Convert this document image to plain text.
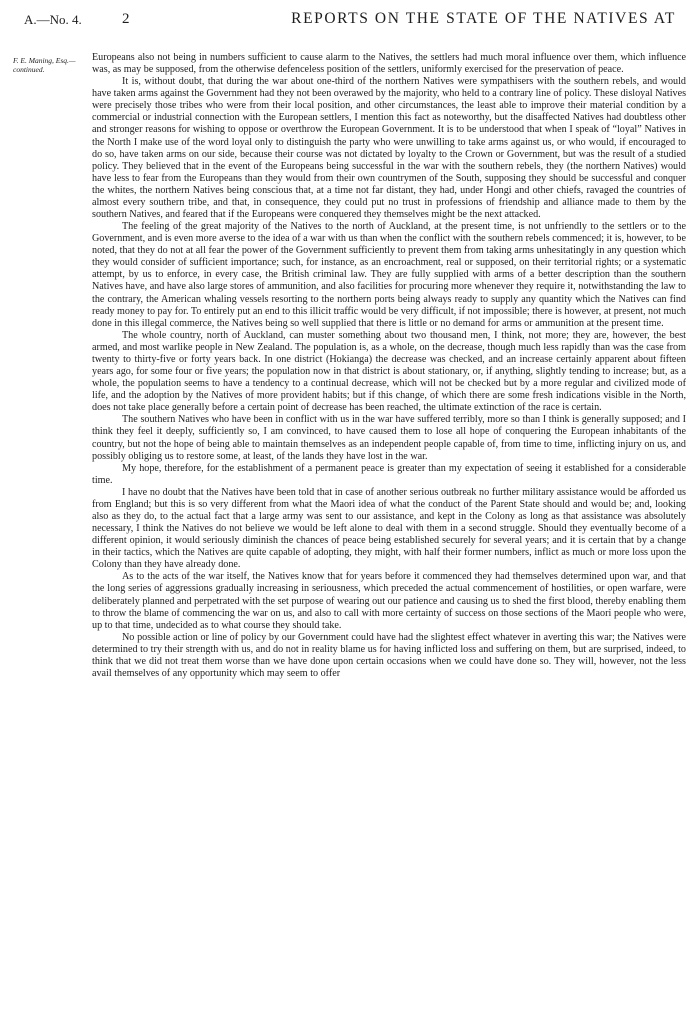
A.—No. 4.	2	REPORTS ON THE STATE OF THE NATIVES AT
F. E. Maning, Esq.—
continued.

Europeans also not being in numbers sufficient to cause alarm to the Natives, the settlers had much moral influence over them, which influence was, as may be supposed, from the otherwise defenceless position of the settlers, uniformly exercised for the preservation of peace.

It is, without doubt, that during the war about one-third of the northern Natives were sympathisers with the southern rebels, and would have taken arms against the Government had they not been overawed by the majority, who held to a contrary line of policy. These disloyal Natives were precisely those tribes who were from their local position, and other circumstances, the least able to improve their material condition by a commercial or industrial connection with the European settlers, I mention this fact as noteworthy, but the disaffected Natives had doubtless other and stronger reasons for wishing to oppose or overthrow the European Government. It is to be understood that when I speak of “loyal” Natives in the North I make use of the word loyal only to distinguish the party who were unwilling to take arms against us, or who would, if encouraged to do so, have taken arms on our side, because their course was not dictated by loyalty to the Crown or Government, but was the result of a studied policy. They believed that in the event of the Europeans being successful in the war with the southern rebels, they (the northern Natives) would have less to fear from the Europeans than they would from their own countrymen of the South, supposing they should be successful and conquer the whites, the northern Natives being conscious that, at a time not far distant, they had, under Hongi and other chiefs, ravaged the countries of almost every southern tribe, and that, in consequence, they could put no trust in professions of friendship and alliance made to them by the southern Natives, and feared that if the Europeans were conquered they themselves might be the next attacked.

The feeling of the great majority of the Natives to the north of Auckland, at the present time, is not unfriendly to the settlers or to the Government, and is even more averse to the idea of a war with us than when the conflict with the southern rebels commenced; it is, however, to be noted, that they do not at all fear the power of the Government sufficiently to prevent them from taking arms unhesitatingly in any question which they would consider of sufficient importance; such, for instance, as an encroachment, real or supposed, on their territorial rights; or a systematic attempt, by us to enforce, in every case, the British criminal law. They are fully supplied with arms of a better description than the southern Natives have, and have also large stores of ammunition, and also facilities for procuring more whenever they require it, notwithstanding the law to the contrary, the American whaling vessels resorting to the northern ports being always ready to supply any quantity which the Natives can find ready money to pay for. To entirely put an end to this illicit traffic would be very difficult, if not impossible; there is however, at present, not much done in this illegal commerce, the Natives being so well supplied that there is little or no demand for arms or ammunition at the present time.

The whole country, north of Auckland, can muster something about two thousand men, I think, not more; they are, however, the best armed, and most warlike people in New Zealand. The population is, as a whole, on the decrease, though much less rapidly than was the case from twenty to thirty-five or forty years back. In one district (Hokianga) the decrease was checked, and an increase certainly apparent about fifteen years ago, for some four or five years; the population now in that district is about stationary, or, if anything, slightly tending to increase; but, as a whole, the population seems to have a tendency to a continual decrease, which will not be checked but by a more regular and civilized mode of life, and the adoption by the Natives of more provident habits; but if this change, of which there are some fresh indications visible in the North, does not take place generally before a certain point of decrease has been reached, the ultimate extinction of the race is certain.

The southern Natives who have been in conflict with us in the war have suffered terribly, more so than I think is generally supposed; and I think they feel it deeply, sufficiently so, I am convinced, to have caused them to lose all hope of conquering the European inhabitants of the country, but not the hope of being able to maintain themselves as an independent people capable of, from time to time, inflicting injury on us, and possibly obliging us to restore some, at least, of the lands they have lost in the war.

My hope, therefore, for the establishment of a permanent peace is greater than my expectation of seeing it established for a considerable time.

I have no doubt that the Natives have been told that in case of another serious outbreak no further military assistance would be afforded us from England; but this is so very different from what the Maori idea of what the conduct of the Parent State should and would be; and, looking also as they do, to the actual fact that a large army was sent to our assistance, and kept in the Colony as long as that assistance was absolutely necessary, I think the Natives do not believe we would be left alone to deal with them in a second struggle. Should they eventually become of a different opinion, it would seriously diminish the chances of peace being established securely for several years; and it is certain that by a change in their tactics, which the Natives are quite capable of adopting, they might, with half their former numbers, inflict as much or more loss upon the Colony than they have already done.

As to the acts of the war itself, the Natives know that for years before it commenced they had themselves determined upon war, and that the long series of aggressions gradually increasing in seriousness, which preceded the actual commencement of hostilities, or open warfare, were deliberately planned and perpetrated with the set purpose of wearing out our patience and causing us to shed the first blood, thereby enabling them to throw the blame of commencing the war on us, and also to call with more certainty of success on those sections of the Maori people who were, up to that time, undecided as to what course they should take.

No possible action or line of policy by our Government could have had the slightest effect whatever in averting this war; the Natives were determined to try their strength with us, and do not in reality blame us for having inflicted loss and suffering on them, but are surprised, indeed, to think that we did not treat them worse than we have done upon certain occasions when we could have done so. They will, however, not the less avail themselves of any opportunity which may seem to offer
